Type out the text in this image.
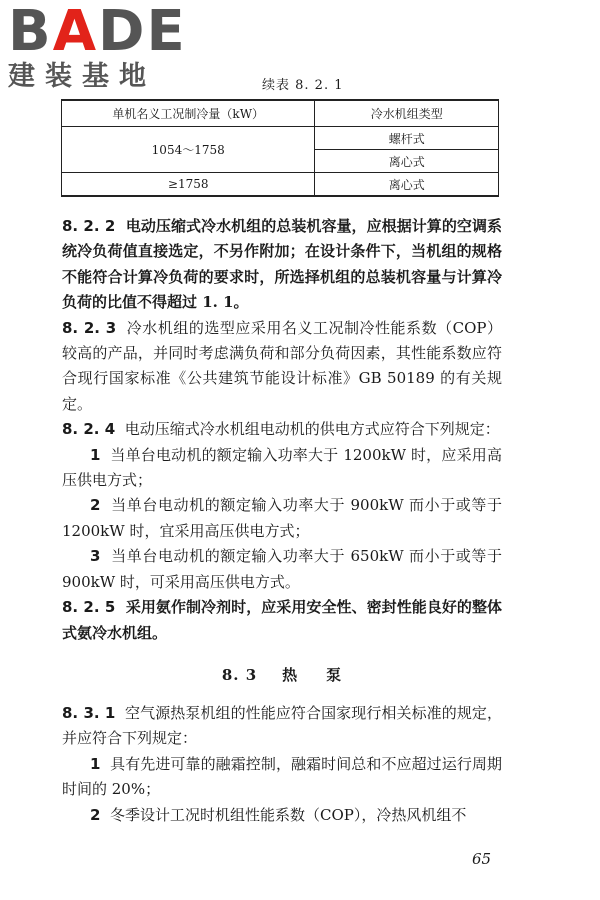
BADE
建装基地	续表 8. 2. 1
单机名义工况制冷量（kW）	冷水机组类型
1054～1758	螺杆式
	离心式
≥1758	离心式

8. 2. 2 电动压缩式冷水机组的总装机容量，应根据计算的空调系统冷负荷值直接选定，不另作附加；在设计条件下，当机组的规格不能符合计算冷负荷的要求时，所选择机组的总装机容量与计算冷负荷的比值不得超过 1. 1。

8. 2. 3 冷水机组的选型应采用名义工况制冷性能系数（COP）较高的产品，并同时考虑满负荷和部分负荷因素，其性能系数应符合现行国家标准《公共建筑节能设计标准》GB 50189 的有关规定。

8. 2. 4 电动压缩式冷水机组电动机的供电方式应符合下列规定：

1 当单台电动机的额定输入功率大于 1200kW 时，应采用高压供电方式；

2 当单台电动机的额定输入功率大于 900kW 而小于或等于 1200kW 时，宜采用高压供电方式；

3 当单台电动机的额定输入功率大于 650kW 而小于或等于 900kW 时，可采用高压供电方式。

8. 2. 5 采用氨作制冷剂时，应采用安全性、密封性能良好的整体式氨冷水机组。

8. 3 热 泵

8. 3. 1 空气源热泵机组的性能应符合国家现行相关标准的规定，并应符合下列规定：

1 具有先进可靠的融霜控制，融霜时间总和不应超过运行周期时间的 20%；

2 冬季设计工况时机组性能系数（COP），冷热风机组不

65
